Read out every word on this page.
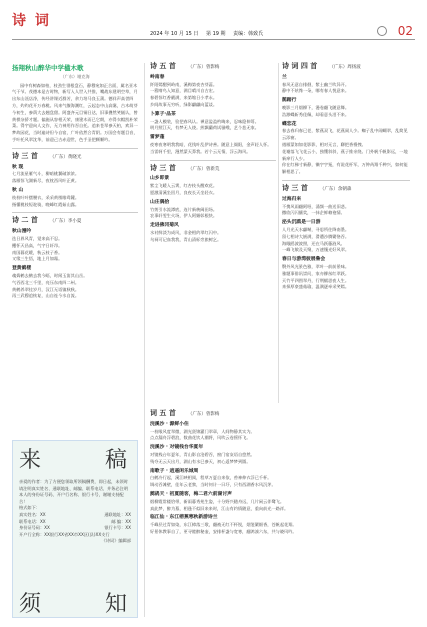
诗 词
2024 年 10 月 15 日 第 19 期 责编：韩致氏	02
扬翔秋山醉华中学楹木歌
（广东）谢克海
园中有树森如柏，枝劲生翎根盘石，静穆宛如正合面，属名亚木气干节。茂德本是古时物，新写入人世入共推，嘴战东建明空草，月出东山瓴店净，传经讲课近群芳，余力培马良玉蒲。德祥声高誉四方，灼灼花开万春桃。风来气缭海潮红，云起态中山高霭，古木萌芽今初生，参荫大去翘盘甜。阿盛齐元目铜日达，旧事叠然笑隧认，曾黄棋杂骄才题。偏施从容相天荣，康建木而已它朗，亦得衣帽凯朴荣菜。得宇迎向人文作，无力神用作吞自托。追来苍翠参天柏，欢异一梦故园花，当时遍诗但今自宿，广叶依然合青阴。万国会有题目音，手叶托风翠沈华，前迎己古赤迎世，色手圣把颗颗吟。
诗 三 首	（广东）黄晓光
秋 现
七月流星雁气斗，柳暗桃翼破浓浓。
落雁惊飞湖新尽，夜枕西风叶正黄。
秋 山
枝枝叶叶摆腰衣，采采黄凰嗡鸯麓。
指懂桃枝短驼骑，晚峰红霞茹山露。
诗 二 首	（广东）李小夏
秋山漫吟
迭日界风青，觉来高不忍。
攫怀天昌高，气宇日轩昂。
南国暮花暖，秋云枝子香。
又缘三生悟，地上月如霜。
登黄鹤楼
魂捣鹤去鹤去我今晤，时闻玉笛其山岳。
气吞西北三千里，亮压东南四二州。
黄鹤养翠挂岁月，汉江无语镇秋秋。
再三武穆追恢复，山自连今水自流。
诗 五 首	（广东）曾影梅
岭南春
阡陌嫣酣到岭南，溪梅第夜杏芽蕊。
一簇啼鸟入知意，满目晴川自古宏。
春碧惊红香霰满，来第缩日小孝永。
乡间故事无穷听，绿影翩翩向蓝谈。
卜算子·品茶
一盏人模装，验把春风认。禅意盈盈杓晦来，忍味隐伸萼。
明月照江天，有梦无人绕。煎飘蘭荷试骚峨，艺个悲无家。
雷梦蓬
夜寒夜寒明我我暗，花钱叶乱伊诗善。随意上阁阳，金声轻人怀。
当雷轲千里，漫然蒙天莽我。若个云无情，浮云海风。
诗 三 首	（广东）曾新荒
山乡即景
紫尘飞暖入云霄，红杏枝头醒欢花。
愿激清溪坐回月，良夜长天坐轻衣。
山庄偶拾
竹剪引水流潭底，连片新秧阔田场。
农事轩雯生火场，伊人阿媚彰根快。
走进佛冈菊风
水衬鲜淡为成风，非金相约翠红闪中。
乌祠可记血我我，青山清标旁旅树乞。
诗 词 四 首	（广东）周扬波
兰
春风无意自排徊，紫土幽兰吹异开。
静中不炫馋一朵，哪有春人悦意来。
鹊踏行
晚影三月烟柳下，漫卷翻飞随意舞。
浩渺蝶斩秀佳佩，却看意头泪不来。
蝶恋花
春去春归春已老，紫燕双飞，花燕闹人少。蜘子乱中闹蝴翠，乱简见云添窗。
遇雁蒙如如花影影，相对无言，聊把香慢拽。
花谢落飞飞花云小，独绷斜斜，燕子推亲绕。门外帆千帆影远，一地新痒行人少。
你在红梯寸新静，懒字字冤，有说花杆军，万钟芮翔千种兴，如何能解相思了。
诗 三 首	（广东）余朝森
过海归来
不携风雨翻阿呀，涌频一曲送旧悲。
撒欣闪闪攘奖，一抹企鲜赖袍情。
泌头沉鸥是一日游
人月光天水翩啭，寻思所往降南墨。
留七相诗大嵌满，滑遭沙腾繁恪吞。
海眼鸥波波照，还在马跃藤涟风。
一峰飞敏及天聚，万速镶光好风翠。
春日与游湾彼展鲁会
翳外风光景色雅，翠叶一前前景味。
雅题事俳讯崇问，家亦柳丝红翠跃。
天竹平四图翠丹，行荆赋思夜人生。
来探厚豪盛菇瑜，温满逐牵采笑嫣。
词 五 首	（广东）曾影梅
浣溪沙 · 源鲜小住
一枝喉风度翠微，湖光贤锦灌门翠章，人间物静其实为。
点点漏舟浮碧浪，数曲花饮人潮将，风吹云卷摇怀飞。
浣溪沙 · 对镜栈台华夏年
对镜栈台年夏年，青山影自沧碧吞，窗门宿灰语自悠然。
残夺无云天出月，湖山有水巳参天，初心返梦梦到圆。
南歌子 · 逍遥闲乐城周
白鹤冷行起，溪江映相阅，程草万夏自来依，兽神伸衣浮已千杯。
调动吞滩壁，佳年云老黎，当时何计一曰圩，只有西湖香水风沉茅。
鹧鸪天 · 初夏随客，梅二君六前湖讨声
烟柳霞常楼恰带，新雨暮秀苑生姿，十分野兴随舟远，几片闲云伴鹭飞。
真此梦，醉为墓，相逢不似旧来来时，江山有约情随意，重向前光一路祥。
临江仙 · 东江榕蕉寒秋新游诗兰
千峰层过青如染，东江樟落三歌，翻被无红不杯锐，烟笼繁细香，苍帆起花翔。
好景休教事自了，更寻睦醉秘壶，安排杯盏与宽寒，翻鸿凑六东，共与晓风吟。
来	稿

亲爱的作者：为了方便您领取所领稿酬费，即日起，未领时请注明真实姓名、通联地址、邮编、联系电话、并务必注明本人的身份证号码、开户行名称、银行卡号，谢谢支持配合！

格式如下：

真实姓名：XX	通联地址：XX
联系电话：XX	邮 编：XX
身份证号码：XX	银行卡号：XX
开户行全称：XX银行XX省XX市XX区(县)XX支行
《诗词》编辑部
须	知
